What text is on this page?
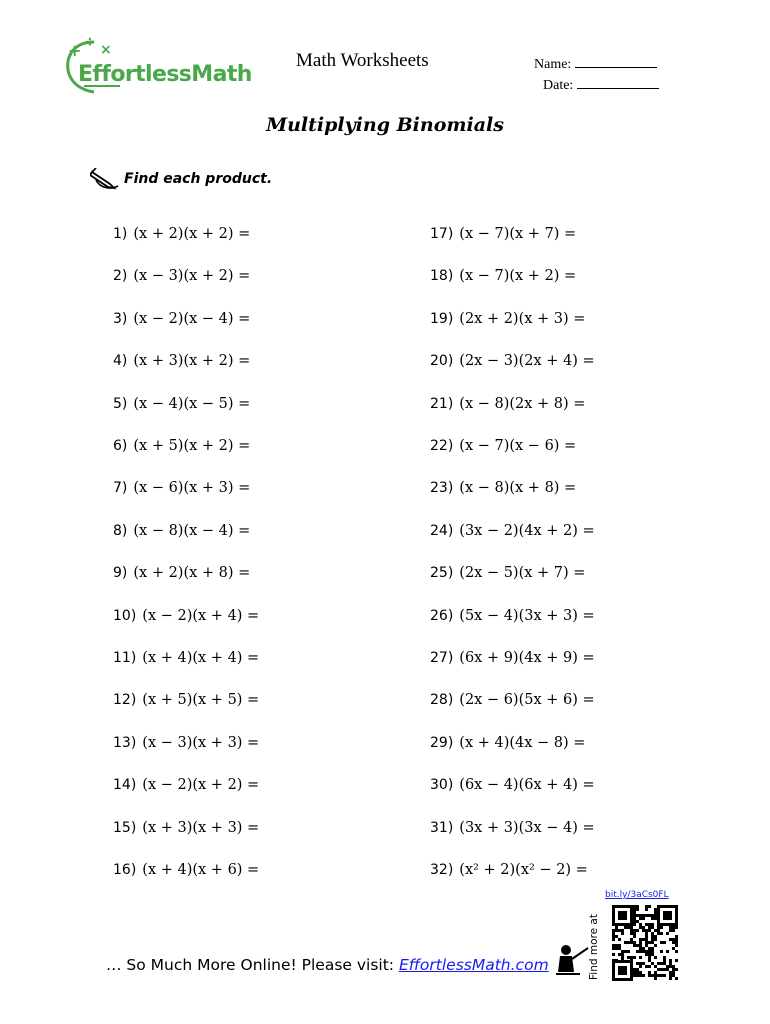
+ ÷ ×
EffortlessMath
Math Worksheets	Name:
Date:
Multiplying Binomials
Find each product.
1) (x + 2)(x + 2) =
2) (x − 3)(x + 2) =
3) (x − 2)(x − 4) =
4) (x + 3)(x + 2) =
5) (x − 4)(x − 5) =
6) (x + 5)(x + 2) =
7) (x − 6)(x + 3) =
8) (x − 8)(x − 4) =
9) (x + 2)(x + 8) =
10) (x − 2)(x + 4) =
11) (x + 4)(x + 4) =
12) (x + 5)(x + 5) =
13) (x − 3)(x + 3) =
14) (x − 2)(x + 2) =
15) (x + 3)(x + 3) =
16) (x + 4)(x + 6) =
17) (x − 7)(x + 7) =
18) (x − 7)(x + 2) =
19) (2x + 2)(x + 3) =
20) (2x − 3)(2x + 4) =
21) (x − 8)(2x + 8) =
22) (x − 7)(x − 6) =
23) (x − 8)(x + 8) =
24) (3x − 2)(4x + 2) =
25) (2x − 5)(x + 7) =
26) (5x − 4)(3x + 3) =
27) (6x + 9)(4x + 9) =
28) (2x − 6)(5x + 6) =
29) (x + 4)(4x − 8) =
30) (6x − 4)(6x + 4) =
31) (3x + 3)(3x − 4) =
32) (x² + 2)(x² − 2) =
bit.ly/3aCs0FL
Find more at
… So Much More Online! Please visit: EffortlessMath.com
